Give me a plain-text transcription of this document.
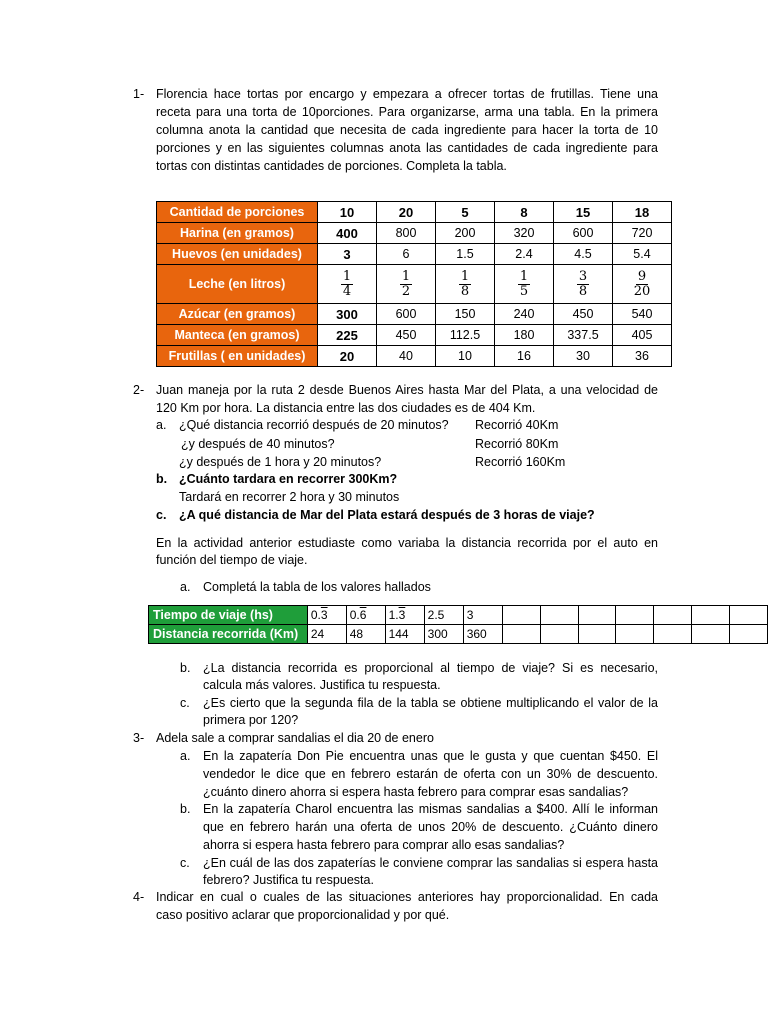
1- Florencia hace tortas por encargo y empezara a ofrecer tortas de frutillas. Tiene una
receta para una torta de 10porciones. Para organizarse, arma una tabla. En la primera
columna anota la cantidad que necesita de cada ingrediente para hacer la torta de 10
porciones y en las siguientes columnas anota las cantidades de cada ingrediente para
tortas con distintas cantidades de porciones. Completa la tabla.
Cantidad de porciones	10	20	5	8	15	18
Harina (en gramos)	400	800	200	320	600	720
Huevos (en unidades)	3	6	1.5	2.4	4.5	5.4
Leche (en litros)	$\frac{1}{4}$	$\frac{1}{2}$	$\frac{1}{8}$	$\frac{1}{5}$	$\frac{3}{8}$	$\frac{9}{20}$

Azúcar (en gramos)	300	600	150	240	450	540
Manteca (en gramos)	225	450	112.5	180	337.5	405
Frutillas ( en unidades)	20	40	10	16	30	36
2- Juan maneja por la ruta 2 desde Buenos Aires hasta Mar del Plata, a una velocidad de
120 Km por hora. La distancia entre las dos ciudades es de 404 Km.
a. ¿Qué distancia recorrió después de 20 minutos? Recorrió 40Km
¿y después de 40 minutos?	Recorrió 80Km
¿y después de 1 hora y 20 minutos?	Recorrió 160Km
b. ¿Cuánto tardara en recorrer 300Km?
Tardará en recorrer 2 hora y 30 minutos
c. ¿A qué distancia de Mar del Plata estará después de 3 horas de viaje?
En la actividad anterior estudiaste como variaba la distancia recorrida por el auto en
función del tiempo de viaje.
a. Completá la tabla de los valores hallados
Tiempo de viaje (hs)	0.3	0.6	1.3	2.5	3							
Distancia recorrida (Km)	24	48	144	300	360							
b. ¿La distancia recorrida es proporcional al tiempo de viaje? Si es necesario,
calcula más valores. Justifica tu respuesta.
c. ¿Es cierto que la segunda fila de la tabla se obtiene multiplicando el valor de la
primera por 120?
3- Adela sale a comprar sandalias el dia 20 de enero
a. En la zapatería Don Pie encuentra unas que le gusta y que cuentan $450. El
vendedor le dice que en febrero estarán de oferta con un 30% de descuento.
¿cuánto dinero ahorra si espera hasta febrero para comprar esas sandalias?
b. En la zapatería Charol encuentra las mismas sandalias a $400. Allí le informan
que en febrero harán una oferta de unos 20% de descuento. ¿Cuánto dinero
ahorra si espera hasta febrero para comprar allo esas sandalias?
c. ¿En cuál de las dos zapaterías le conviene comprar las sandalias si espera hasta
febrero? Justifica tu respuesta.
4- Indicar en cual o cuales de las situaciones anteriores hay proporcionalidad. En cada
caso positivo aclarar que proporcionalidad y por qué.
